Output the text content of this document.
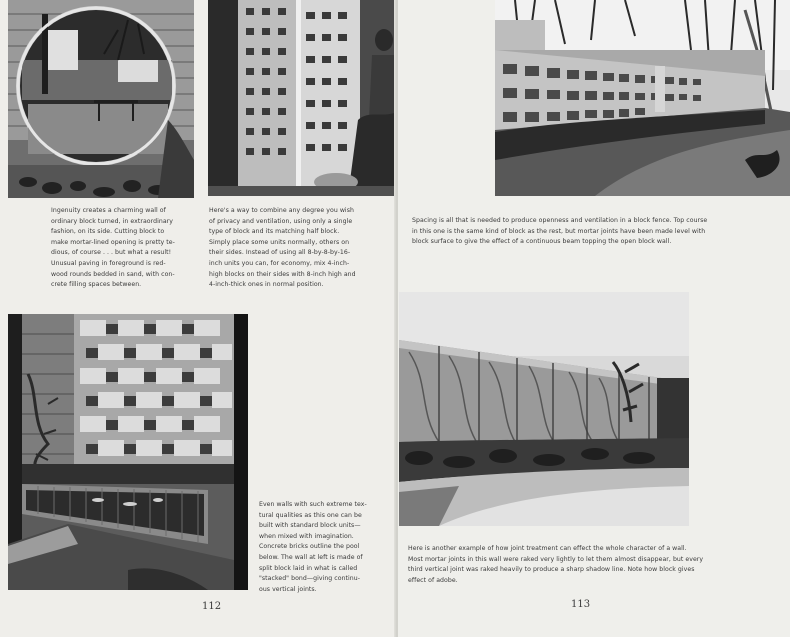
Ingenuity creates a charming wall of
ordinary block turned, in extraordinary
fashion, on its side. Cutting block to
make mortar-lined opening is pretty te-
dious, of course . . . but what a result!
Unusual paving in foreground is red-
wood rounds bedded in sand, with con-
crete filling spaces between.
Here's a way to combine any degree you wish
of privacy and ventilation, using only a single
type of block and its matching half block.
Simply place some units normally, others on
their sides. Instead of using all 8-by-8-by-16-
inch units you can, for economy, mix 4-inch-
high blocks on their sides with 8-inch high and
4-inch-thick ones in normal position.
Even walls with such extreme tex-
tural qualities as this one can be
built with standard block units—
when mixed with imagination.
Concrete bricks outline the pool
below. The wall at left is made of
split block laid in what is called
"stacked" bond—giving continu-
ous vertical joints.
112
Spacing is all that is needed to produce openness and ventilation in a block fence. Top course
in this one is the same kind of block as the rest, but mortar joints have been made level with
block surface to give the effect of a continuous beam topping the open block wall.
Here is another example of how joint treatment can effect the whole character of a wall.
Most mortar joints in this wall were raked very lightly to let them almost disappear, but every
third vertical joint was raked heavily to produce a sharp shadow line. Note how block gives
effect of adobe.
113
